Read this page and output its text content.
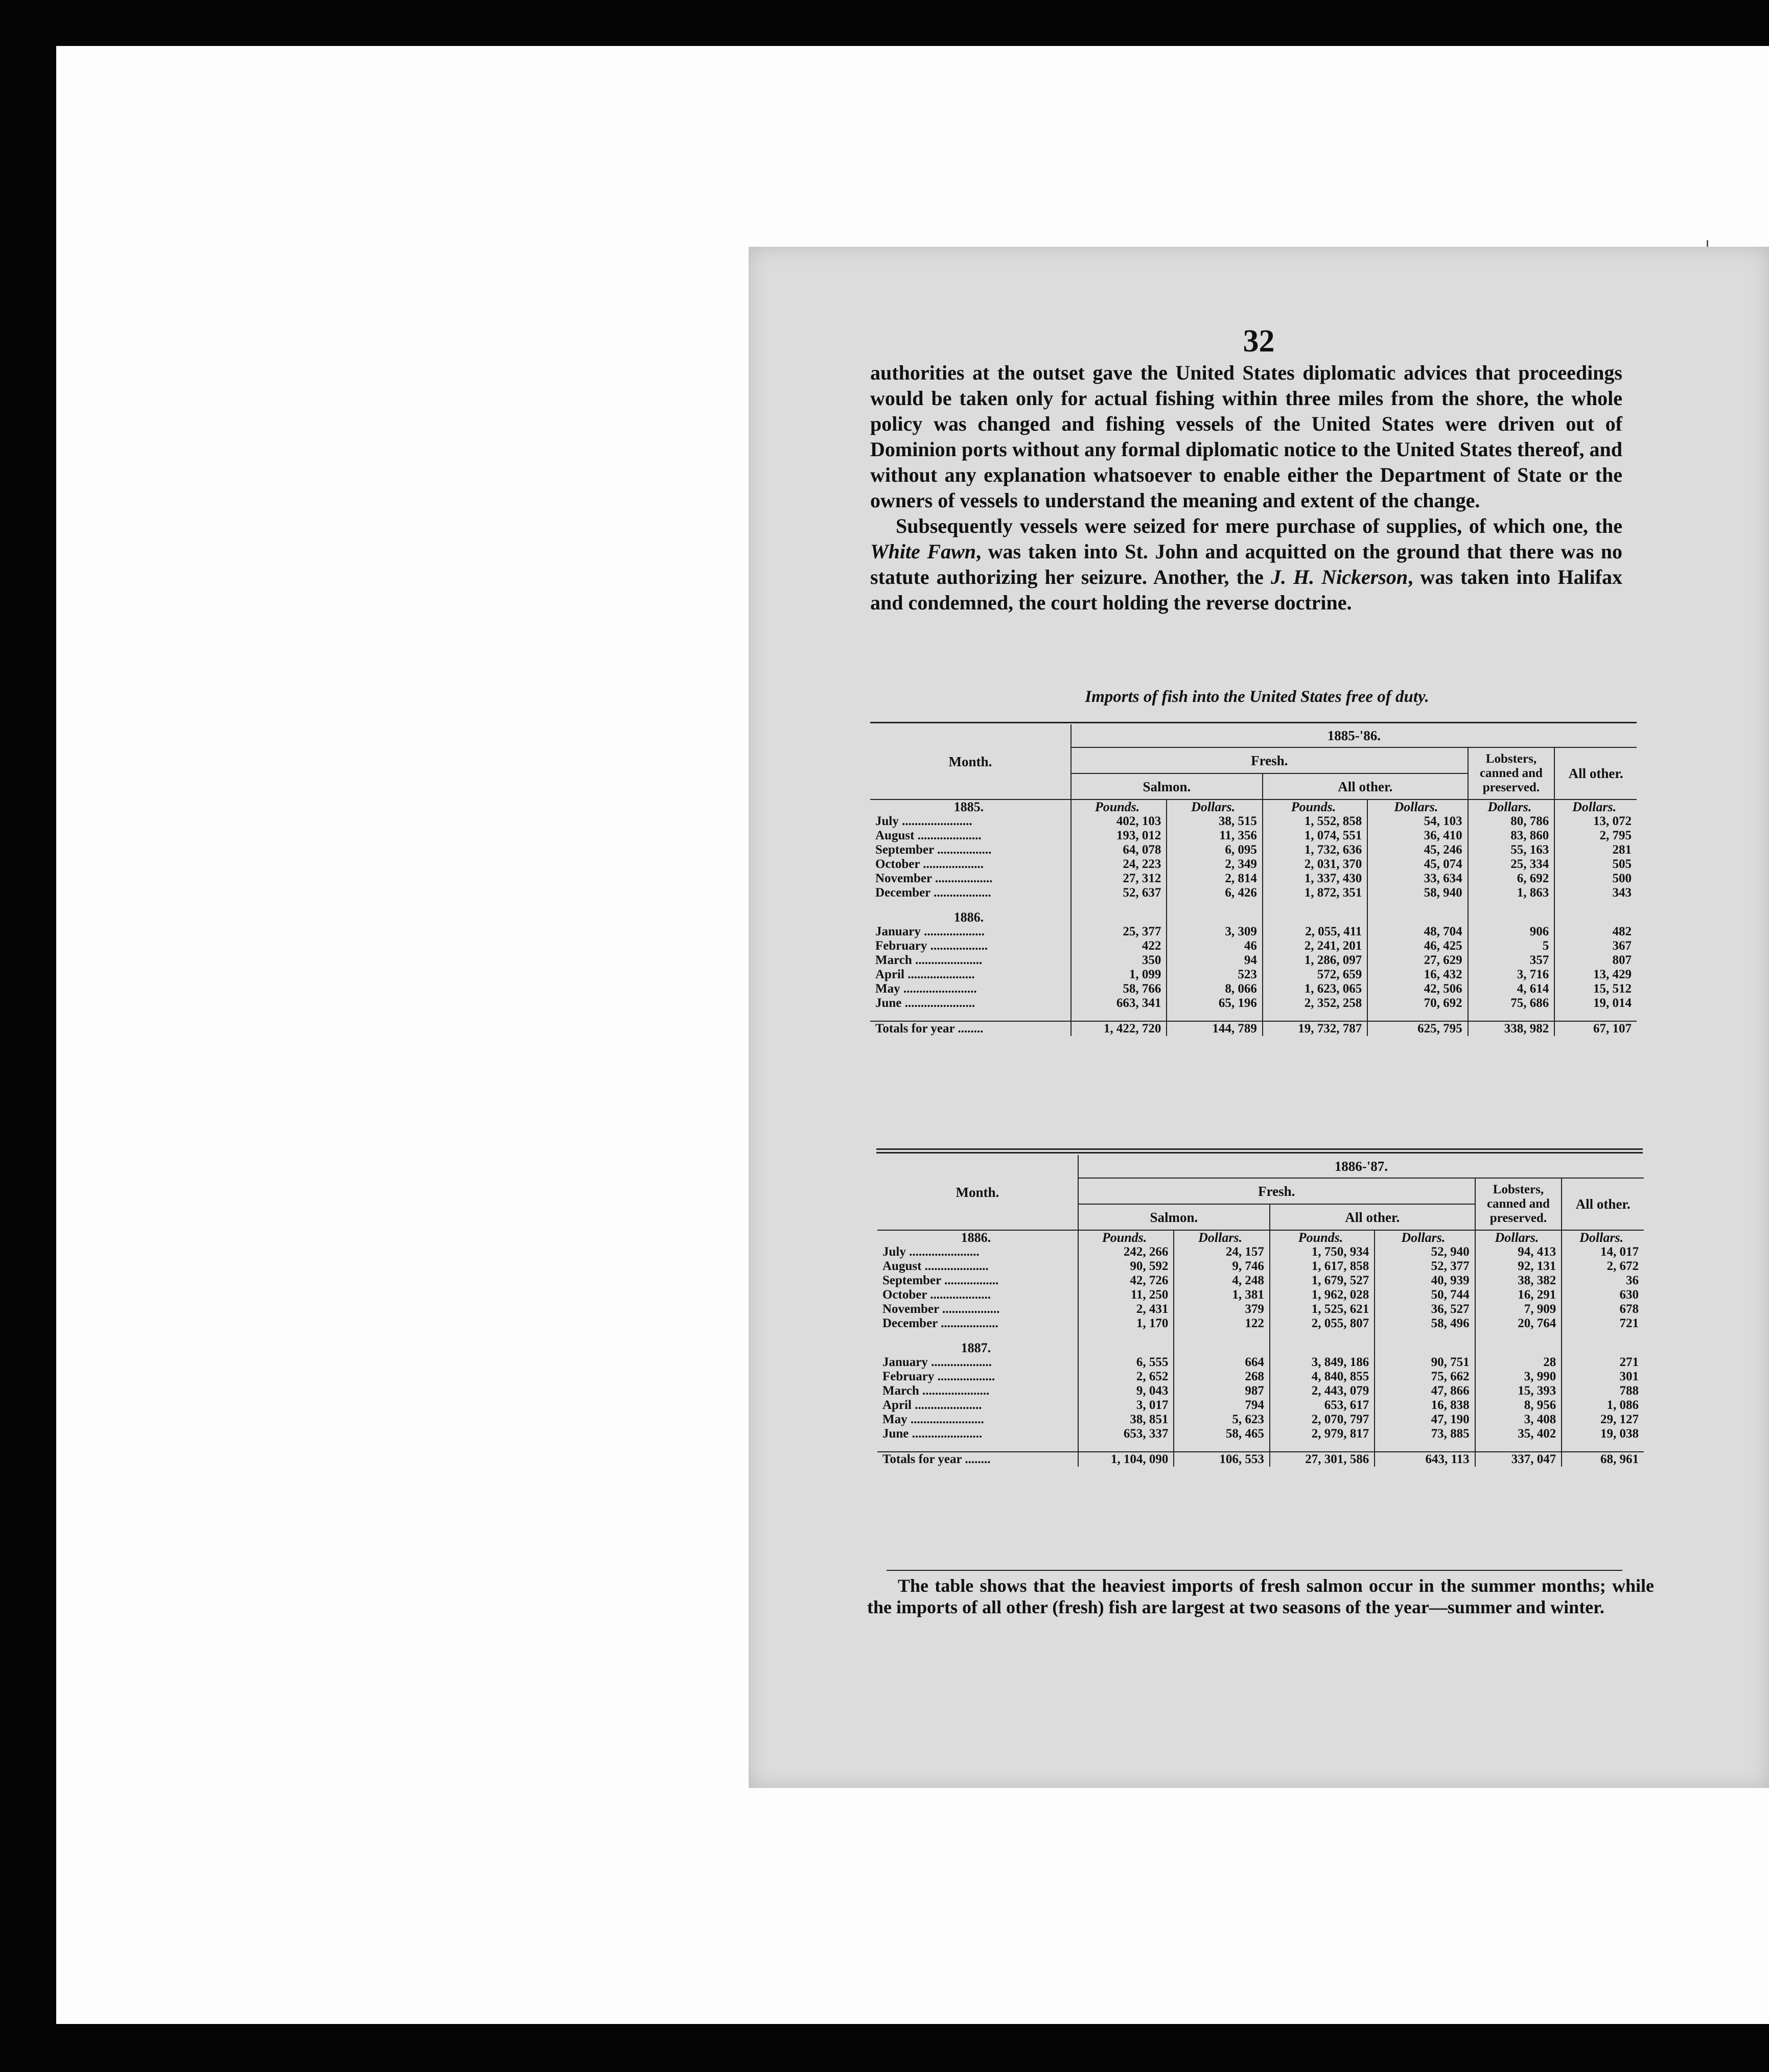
32

authorities at the outset gave the United States diplomatic advices that proceedings would be taken only for actual fishing within three miles from the shore, the whole policy was changed and fishing vessels of the United States were driven out of Dominion ports without any formal diplomatic notice to the United States thereof, and without any explanation whatsoever to enable either the Department of State or the owners of vessels to understand the meaning and extent of the change.

Subsequently vessels were seized for mere purchase of supplies, of which one, the White Fawn, was taken into St. John and acquitted on the ground that there was no statute authorizing her seizure. Another, the J. H. Nickerson, was taken into Halifax and condemned, the court holding the reverse doctrine.

Imports of fish into the United States free of duty.
Month.	1885-'86.					
	Fresh.				Lobsters, canned and preserved.	All other.
	Salmon.		All other.			
1885.	Pounds.	Dollars.	Pounds.	Dollars.	Dollars.	Dollars.
July ......................	402, 103	38, 515	1, 552, 858	54, 103	80, 786	13, 072
August ....................	193, 012	11, 356	1, 074, 551	36, 410	83, 860	2, 795
September .................	64, 078	6, 095	1, 732, 636	45, 246	55, 163	281
October ...................	24, 223	2, 349	2, 031, 370	45, 074	25, 334	505
November ..................	27, 312	2, 814	1, 337, 430	33, 634	6, 692	500
December ..................	52, 637	6, 426	1, 872, 351	58, 940	1, 863	343

1886.						
January ...................	25, 377	3, 309	2, 055, 411	48, 704	906	482
February ..................	422	46	2, 241, 201	46, 425	5	367
March .....................	350	94	1, 286, 097	27, 629	357	807
April .....................	1, 099	523	572, 659	16, 432	3, 716	13, 429
May .......................	58, 766	8, 066	1, 623, 065	42, 506	4, 614	15, 512
June ......................	663, 341	65, 196	2, 352, 258	70, 692	75, 686	19, 014

Totals for year ........	1, 422, 720	144, 789	19, 732, 787	625, 795	338, 982	67, 107
Month.	1886-'87.					
	Fresh.				Lobsters, canned and preserved.	All other.
	Salmon.		All other.			
1886.	Pounds.	Dollars.	Pounds.	Dollars.	Dollars.	Dollars.
July ......................	242, 266	24, 157	1, 750, 934	52, 940	94, 413	14, 017
August ....................	90, 592	9, 746	1, 617, 858	52, 377	92, 131	2, 672
September .................	42, 726	4, 248	1, 679, 527	40, 939	38, 382	36
October ...................	11, 250	1, 381	1, 962, 028	50, 744	16, 291	630
November ..................	2, 431	379	1, 525, 621	36, 527	7, 909	678
December ..................	1, 170	122	2, 055, 807	58, 496	20, 764	721

1887.						
January ...................	6, 555	664	3, 849, 186	90, 751	28	271
February ..................	2, 652	268	4, 840, 855	75, 662	3, 990	301
March .....................	9, 043	987	2, 443, 079	47, 866	15, 393	788
April .....................	3, 017	794	653, 617	16, 838	8, 956	1, 086
May .......................	38, 851	5, 623	2, 070, 797	47, 190	3, 408	29, 127
June ......................	653, 337	58, 465	2, 979, 817	73, 885	35, 402	19, 038

Totals for year ........	1, 104, 090	106, 553	27, 301, 586	643, 113	337, 047	68, 961

The table shows that the heaviest imports of fresh salmon occur in the summer months; while the imports of all other (fresh) fish are largest at two seasons of the year—summer and winter.
